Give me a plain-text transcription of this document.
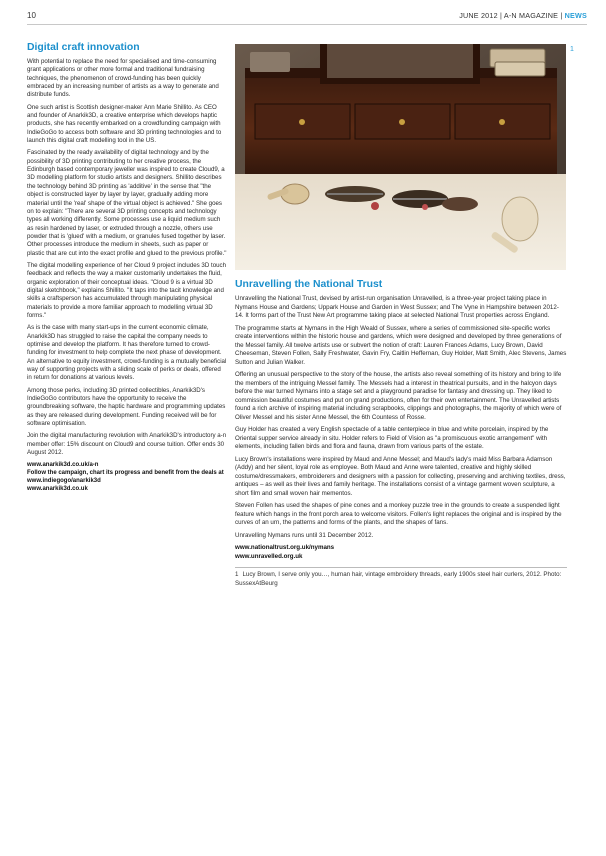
10	JUNE 2012 | A-N MAGAZINE | NEWS
Digital craft innovation

With potential to replace the need for specialised and time-consuming grant applications or other more formal and traditional fundraising techniques, the phenomenon of crowd-funding has been quickly embraced by an increasing number of artists as a way to generate and distribute funds.

One such artist is Scottish designer-maker Ann Marie Shillito. As CEO and founder of Anarkik3D, a creative enterprise which develops haptic products, she has recently embarked on a crowdfunding campaign with IndieGoGo to access both software and 3D printing technologies and to launch this digital craft modelling tool in the US.

Fascinated by the ready availability of digital technology and by the possibility of 3D printing contributing to her creative process, the Edinburgh based contemporary jeweller was inspired to create Cloud9, a 3D modelling platform for studio artists and designers. Shillito describes the technology behind 3D printing as 'additive' in the sense that "the object is constructed layer by layer by layer, gradually adding more material until the 'real' shape of the virtual object is achieved." She goes on to explain: "There are several 3D printing concepts and technology types all working differently. Some processes use a liquid medium such as resin hardened by laser, or extruded through a nozzle, others use powder that is 'glued' with a medium, or granules fused together by laser. Other processes introduce the medium in sheets, such as paper or plastic that are cut into the exact profile and glued to the previous profile."

The digital modelling experience of her Cloud 9 project includes 3D touch feedback and reflects the way a maker customarily undertakes the fluid, organic exploration of their conceptual ideas. "Cloud 9 is a virtual 3D digital sketchbook," explains Shillito. "It taps into the tacit knowledge and skills a craftsperson has accumulated through manipulating physical materials to provide a more familiar approach to modelling virtual 3D forms."

As is the case with many start-ups in the current economic climate, Anarkik3D has struggled to raise the capital the company needs to optimise and develop the platform. It has therefore turned to crowd-funding for investment to help complete the next phase of development. An alternative to equity investment, crowd-funding is a mutually beneficial way of supporting projects with a sliding scale of perks or deals, offered in return for donations at various levels.

Among those perks, including 3D printed collectibles, Anarkik3D's IndieGoGo contributors have the opportunity to receive the groundbreaking software, the haptic hardware and programming updates as they are released during development. Funding received will be for software optimisation.

Join the digital manufacturing revolution with Anarkik3D's introductory a-n member offer: 15% discount on Cloud9 and course tuition. Offer ends 30 August 2012.

www.anarkik3d.co.uk/a-n

Follow the campaign, chart its progress and benefit from the deals at www.indiegogo/anarkik3d

www.anarkik3d.co.uk

1
Unravelling the National Trust

Unravelling the National Trust, devised by artist-run organisation Unravelled, is a three-year project taking place in Nymans House and Gardens; Uppark House and Garden in West Sussex; and The Vyne in Hampshire between 2012-14. It forms part of the Trust New Art programme taking place at selected National Trust properties across England.

The programme starts at Nymans in the High Weald of Sussex, where a series of commissioned site-specific works create interventions within the historic house and gardens, which were designed and developed by three generations of the Messel family. All twelve artists use or subvert the notion of craft: Lauren Frances Adams, Lucy Brown, David Cheeseman, Steven Follen, Sally Freshwater, Gavin Fry, Caitlin Heffernan, Guy Holder, Matt Smith, Alec Stevens, James Sutton and Julian Walker.

Offering an unusual perspective to the story of the house, the artists also reveal something of its history and bring to life the members of the intriguing Messel family. The Messels had a interest in theatrical pursuits, and in the halcyon days before the war turned Nymans into a stage set and a playground paradise for fantasy and dressing up. They liked to commission beautiful costumes and put on grand productions, often for their own entertainment. The Unravelled artists found a rich archive of inspiring material including scrapbooks, clippings and photographs, the majority of which were of Oliver Messel and his sister Anne Messel, the 6th Countess of Rosse.

Guy Holder has created a very English spectacle of a table centerpiece in blue and white porcelain, inspired by the Oriental supper service already in situ. Holder refers to Field of Vision as "a promiscuous exotic arrangement" with elements, including fallen birds and flora and fauna, drawn from various parts of the estate.

Lucy Brown's installations were inspired by Maud and Anne Messel; and Maud's lady's maid Miss Barbara Adamson (Addy) and her silent, loyal role as employee. Both Maud and Anne were talented, creative and highly skilled costume/dressmakers, embroiderers and designers with a passion for collecting, preserving and archiving textiles, dress, antiques – as well as their lives and family heritage. The installations consist of a vintage garment woven sculpture, a short film and small woven hair mementos.

Steven Follen has used the shapes of pine cones and a monkey puzzle tree in the grounds to create a suspended light feature which hangs in the front porch area to welcome visitors. Follen's light replaces the original and is inspired by the curves of an urn, the patterns and forms of the plants, and the shapes of fans.

Unravelling Nymans runs until 31 December 2012.

www.nationaltrust.org.uk/nymans

www.unravelled.org.uk

1 Lucy Brown, I serve only you…, human hair, vintage embroidery threads, early 1900s steel hair curlers, 2012. Photo: SussexAtBeurg
